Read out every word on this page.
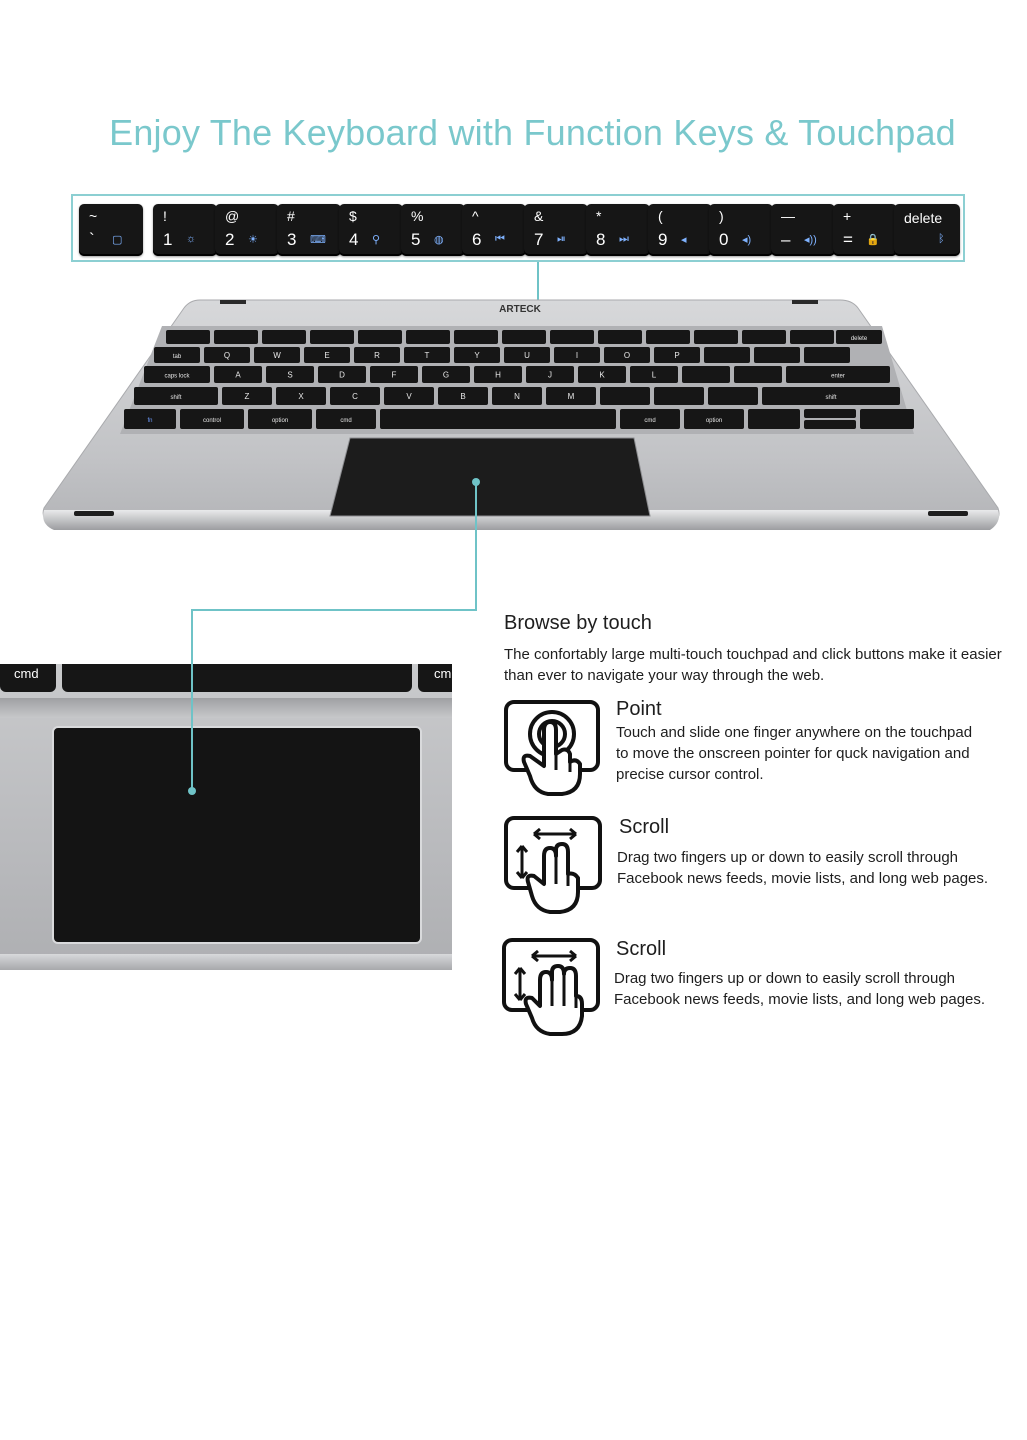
Enjoy The Keyboard with Function Keys & Touchpad
~
` ▢
!
1 ☼
@
2 ☀
#
3 ⌨
$
4 ⚲
%
5 ◍
^
6 ⏮
&
7 ⏯
*
8 ⏭
(
9 ◂
)
0 ◂)
—
– ◂))
+
= 🔒
delete
ᛒ
delete
tab	Q	W	E	R	T	Y	U	I	O	P
caps lock	A	S	D	F	G	H	J	K	L	enter
shift	Z	X	C	V	B	N	M	shift
fn	control	option	cmd	cmd	option
ARTECK
cmd	cm
Browse by touch
The confortably large multi-touch touchpad and click buttons make it easier than ever to navigate your way through the web.
Point
Touch and slide one finger anywhere on the touchpad
to move the onscreen pointer for quck navigation and
precise cursor control.
Scroll
Drag two fingers up or down to easily scroll through
Facebook news feeds, movie lists, and long web pages.
Scroll
Drag two fingers up or down to easily scroll through
Facebook news feeds, movie lists, and long web pages.
